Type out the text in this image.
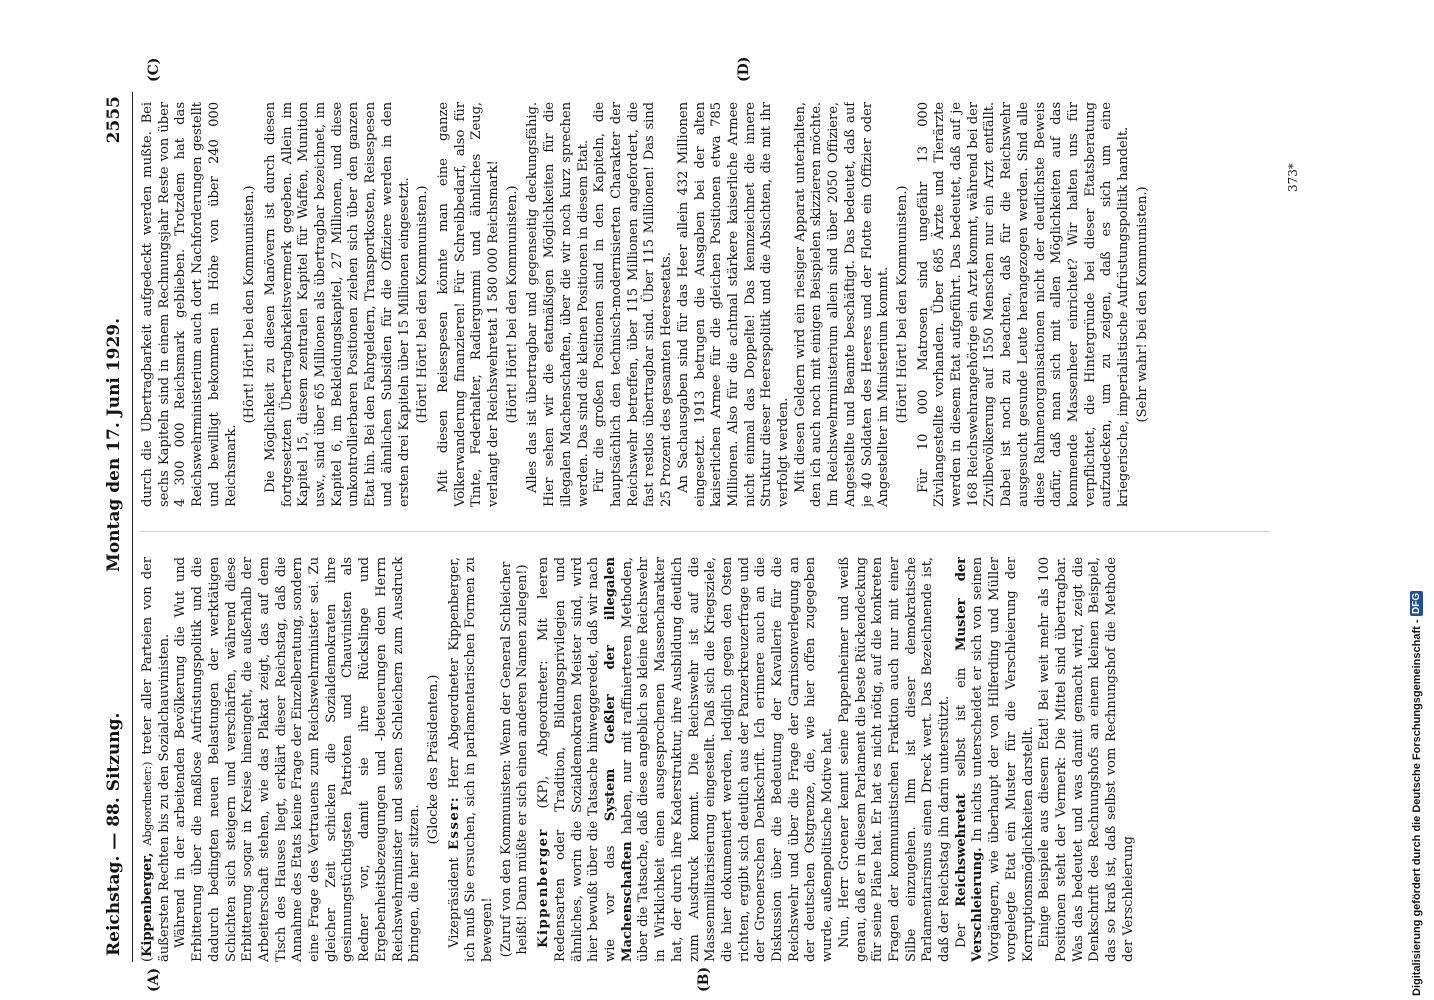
Reichstag. — 88. Sitzung.
Montag den 17. Juni 1929.
2555
(A)	(B)
(C)	(D)

(Kippenberger, Abgeordneter:) treter aller Parteien von der äußersten Rechten bis zu den Sozialchauvinisten. Während in der arbeitenden Bevölkerung die Wut und Erbitterung über die maßlose Aufrüstungspolitik und die dadurch bedingten neuen Belastungen der werktätigen Schichten sich steigern und verschärfen, während diese Erbitterung sogar in Kreise hineingeht, die außerhalb der Arbeiterschaft stehen, wie das Plakat zeigt, das auf dem Tisch des Hauses liegt, erklärt dieser Reichstag, daß die Annahme des Etats keine Frage der Einzelberatung, sondern eine Frage des Vertrauens zum Reichswehrminister sei. Zu gleicher Zeit schicken die Sozialdemokraten ihre gesinnungstüchtigsten Patrioten und Chauvinisten als Redner vor, damit sie ihre Rückslinge und Ergebenheitsbezeugungen und -beteuerungen dem Herrn Reichswehrminister und seinen Schleichern zum Ausdruck bringen, die hier sitzen.

(Glocke des Präsidenten.)

Vizepräsident Esser: Herr Abgeordneter Kippenberger, ich muß Sie ersuchen, sich in parlamentarischen Formen zu bewegen! (Zuruf von den Kommunisten: Wenn der General Schleicher heißt! Dann müßte er sich einen anderen Namen zulegen!) Kippenberger (KP), Abgeordneter: Mit leeren Redensarten oder Tradition, Bildungsprivilegien und ähnliches, worin die Sozialdemokraten Meister sind, wird hier bewußt über die Tatsache hinweggeredet, daß wir nach wie vor das System Geßler der illegalen Machenschaften haben, nur mit raffinierteren Methoden, über die Tatsache, daß diese angeblich so kleine Reichswehr in Wirklichkeit einen ausgesprochenen Massencharakter hat, der durch ihre Kaderstruktur, ihre Ausbildung deutlich zum Ausdruck kommt. Die Reichswehr ist auf die Massenmilitarisierung eingestellt. Daß sich die Kriegsziele, die hier dokumentiert werden, lediglich gegen den Osten richten, ergibt sich deutlich aus der Panzerkreuzerfrage und der Groenerschen Denkschrift. Ich erinnere auch an die Diskussion über die Bedeutung der Kavallerie für die Reichswehr und über die Frage der Garnisonverlegung an der deutschen Ostgrenze, die, wie hier offen zugegeben wurde, außenpolitische Motive hat. Nun, Herr Groener kennt seine Pappenheimer und weiß genau, daß er in diesem Parlament die beste Rückendeckung für seine Pläne hat. Er hat es nicht nötig, auf die konkreten Fragen der kommunistischen Fraktion auch nur mit einer Silbe einzugehen. Ihm ist dieser demokratische Parlamentarismus einen Dreck wert. Das Bezeichnende ist, daß der Reichstag ihn darin unterstützt. Der Reichswehretat selbst ist ein Muster der Verschleierung. In nichts unterscheidet er sich von seinen Vorgängern, wie überhaupt der von Hilferding und Müller vorgelegte Etat ein Muster für die Verschleierung der Korruptionsmöglichkeiten darstellt. Einige Beispiele aus diesem Etat! Bei weit mehr als 100 Positionen steht der Vermerk: Die Mittel sind übertragbar. Was das bedeutet und was damit gemacht wird, zeigt die Denkschrift des Rechnungshofs an einem kleinen Beispiel, das so kraß ist, daß selbst vom Rechnungshof die Methode der Verschleierung

durch die Übertragbarkeit aufgedeckt werden mußte. Bei sechs Kapiteln sind in einem Rechnungsjahr Reste von über 4 300 000 Reichsmark geblieben. Trotzdem hat das Reichswehrministerium auch dort Nachforderungen gestellt und bewilligt bekommen in Höhe von über 240 000 Reichsmark.

(Hört! Hört! bei den Kommunisten.) Die Möglichkeit zu diesen Manövern ist durch diesen fortgesetzten Übertragbarkeitsvermerk gegeben. Allein im Kapitel 15, diesem zentralen Kapitel für Waffen, Munition usw., sind über 65 Millionen als übertragbar bezeichnet, im Kapitel 6, im Bekleidungskapitel, 27 Millionen, und diese unkontrollierbaren Positionen ziehen sich über den ganzen Etat hin. Bei den Fahrgeldern, Transportkosten, Reisespesen und ähnlichen Subsidien für die Offiziere werden in den ersten drei Kapiteln über 15 Millionen eingesetzt. (Hört! Hört! bei den Kommunisten.) Mit diesen Reisespesen könnte man eine ganze Völkerwanderung finanzieren! Für Schreibbedarf, also für Tinte, Federhalter, Radiergummi und ähnliches Zeug, verlangt der Reichswehretat 1 580 000 Reichsmark! (Hört! Hört! bei den Kommunisten.) Alles das ist übertragbar und gegenseitig deckungsfähig. Hier sehen wir die etatmäßigen Möglichkeiten für die illegalen Machenschaften, über die wir noch kurz sprechen werden. Das sind die kleinen Positionen in diesem Etat. Für die großen Positionen sind in den Kapiteln, die hauptsächlich den technisch-modernisierten Charakter der Reichswehr betreffen, über 115 Millionen angefordert, die fast restlos übertragbar sind. Über 115 Millionen! Das sind 25 Prozent des gesamten Heeresetats. An Sachausgaben sind für das Heer allein 432 Millionen eingesetzt. 1913 betrugen die Ausgaben bei der alten kaiserlichen Armee für die gleichen Positionen etwa 785 Millionen. Also für die achtmal stärkere kaiserliche Armee nicht einmal das Doppelte! Das kennzeichnet die innere Struktur dieser Heerespolitik und die Absichten, die mit ihr verfolgt werden. Mit diesen Geldern wird ein riesiger Apparat unterhalten, den ich auch noch mit einigen Beispielen skizzieren möchte. Im Reichswehrministerium allein sind über 2050 Offiziere, Angestellte und Beamte beschäftigt. Das bedeutet, daß auf je 40 Soldaten des Heeres und der Flotte ein Offizier oder Angestellter im Ministerium kommt. (Hört! Hört! bei den Kommunisten.) Für 10 000 Matrosen sind ungefähr 13 000 Zivilangestellte vorhanden. Über 685 Ärzte und Tierärzte werden in diesem Etat aufgeführt. Das bedeutet, daß auf je 168 Reichswehrangehörige ein Arzt kommt, während bei der Zivilbevölkerung auf 1550 Menschen nur ein Arzt entfällt. Dabei ist noch zu beachten, daß für die Reichswehr ausgesucht gesunde Leute herangezogen werden. Sind alle diese Rahmenorganisationen nicht der deutlichste Beweis dafür, daß man sich mit allen Möglichkeiten auf das kommende Massenheer einrichtet? Wir halten uns für verpflichtet, die Hintergründe bei dieser Etatsberatung aufzudecken, um zu zeigen, daß es sich um eine kriegerische, imperialistische Aufrüstungspolitik handelt. (Sehr wahr! bei den Kommunisten.)

373*
Digitalisierung gefördert durch die Deutsche Forschungsgemeinschaft - DFG
